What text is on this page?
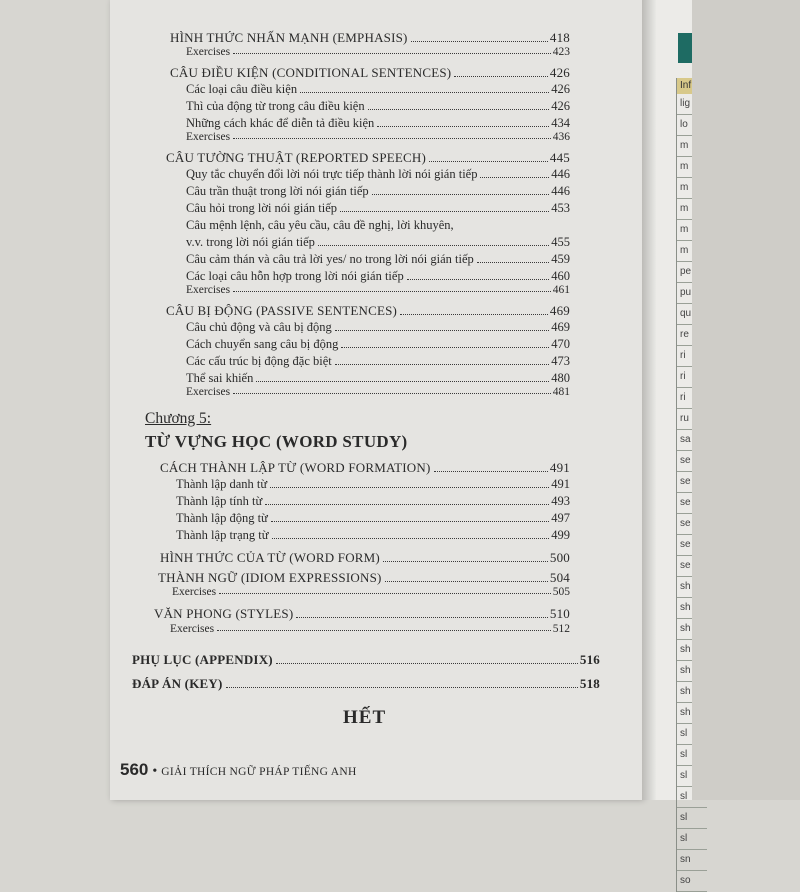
Inf
lig
lo
m
m
m
m
m
m
pe
pu
qu
re
ri
ri
ri
ru
sa
se
se
se
se
se
se
sh
sh
sh
sh
sh
sh
sh
sl
sl
sl
sl
sl
sl
sn
so
Chương 5:
TỪ VỰNG HỌC (WORD STUDY)
HẾT
560 • GIẢI THÍCH NGỮ PHÁP TIẾNG ANH
HÌNH THỨC NHẤN MẠNH (EMPHASIS)	418
Exercises	423
CÂU ĐIỀU KIỆN (CONDITIONAL SENTENCES)	426
Các loại câu điều kiện	426
Thì của động từ trong câu điều kiện	426
Những cách khác để diễn tả điều kiện	434
Exercises	436
CÂU TƯỜNG THUẬT (REPORTED SPEECH)	445
Quy tắc chuyển đổi lời nói trực tiếp thành lời nói gián tiếp	446
Câu trần thuật trong lời nói gián tiếp	446
Câu hỏi trong lời nói gián tiếp	453
Câu mệnh lệnh, câu yêu cầu, câu đề nghị, lời khuyên,
v.v. trong lời nói gián tiếp	455
Câu cảm thán và câu trả lời yes/ no trong lời nói gián tiếp	459
Các loại câu hỗn hợp trong lời nói gián tiếp	460
Exercises	461
CÂU BỊ ĐỘNG (PASSIVE SENTENCES)	469
Câu chủ động và câu bị động	469
Cách chuyển sang câu bị động	470
Các cấu trúc bị động đặc biệt	473
Thể sai khiến	480
Exercises	481
CÁCH THÀNH LẬP TỪ (WORD FORMATION)	491
Thành lập danh từ	491
Thành lập tính từ	493
Thành lập động từ	497
Thành lập trạng từ	499
HÌNH THỨC CỦA TỪ (WORD FORM)	500
THÀNH NGỮ (IDIOM EXPRESSIONS)	504
Exercises	505
VĂN PHONG (STYLES)	510
Exercises	512
PHỤ LỤC (APPENDIX)	516
ĐÁP ÁN (KEY)	518
